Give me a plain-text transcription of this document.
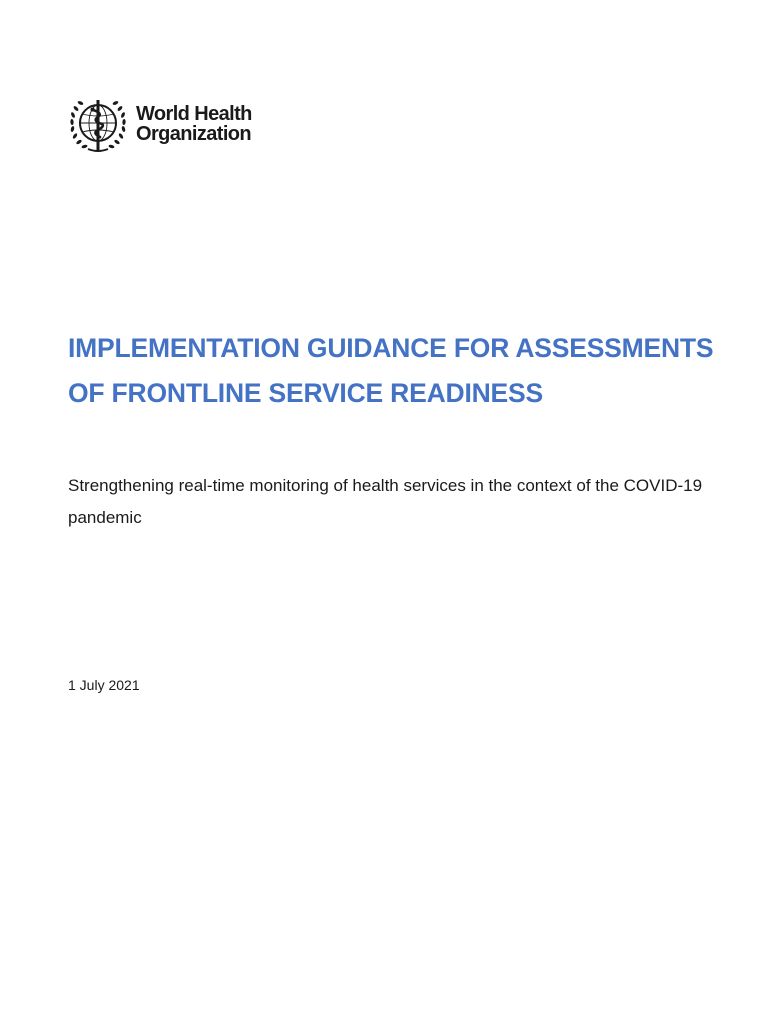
World Health
Organization
IMPLEMENTATION GUIDANCE FOR ASSESSMENTS OF FRONTLINE SERVICE READINESS

Strengthening real-time monitoring of health services in the context of the COVID-19 pandemic

1 July 2021
